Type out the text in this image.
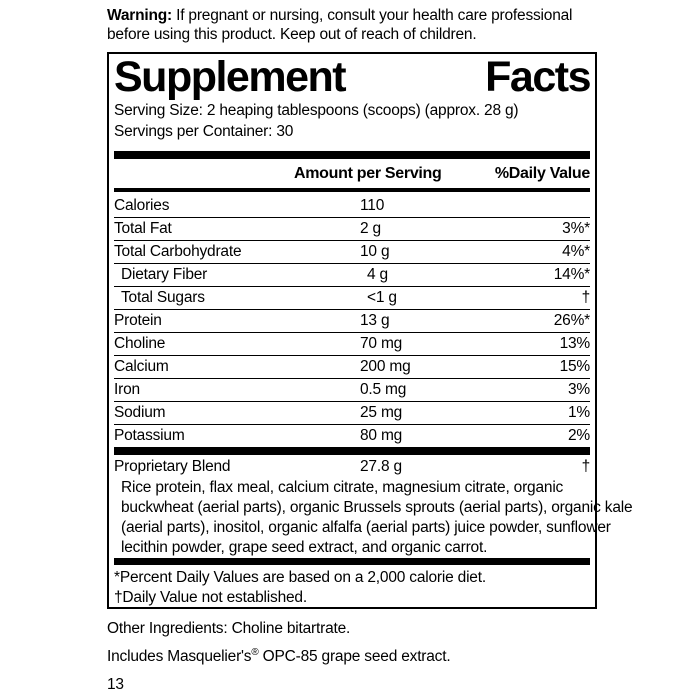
Warning: If pregnant or nursing, consult your health care professional
before using this product. Keep out of reach of children.
Supplement	Facts
Serving Size: 2 heaping tablespoons (scoops) (approx. 28 g)
Servings per Container: 30
Amount per Serving	%Daily Value
Calories	110
Total Fat	2 g	3%*
Total Carbohydrate	10 g	4%*
Dietary Fiber	4 g	14%*
Total Sugars	<1 g	†
Protein	13 g	26%*
Choline	70 mg	13%
Calcium	200 mg	15%
Iron	0.5 mg	3%
Sodium	25 mg	1%
Potassium	80 mg	2%
Proprietary Blend	27.8 g	†
Rice protein, flax meal, calcium citrate, magnesium citrate, organic
buckwheat (aerial parts), organic Brussels sprouts (aerial parts), organic kale
(aerial parts), inositol, organic alfalfa (aerial parts) juice powder, sunflower
lecithin powder, grape seed extract, and organic carrot.
*Percent Daily Values are based on a 2,000 calorie diet.
†Daily Value not established.
Other Ingredients: Choline bitartrate.
Includes Masquelier's® OPC-85 grape seed extract.
13
